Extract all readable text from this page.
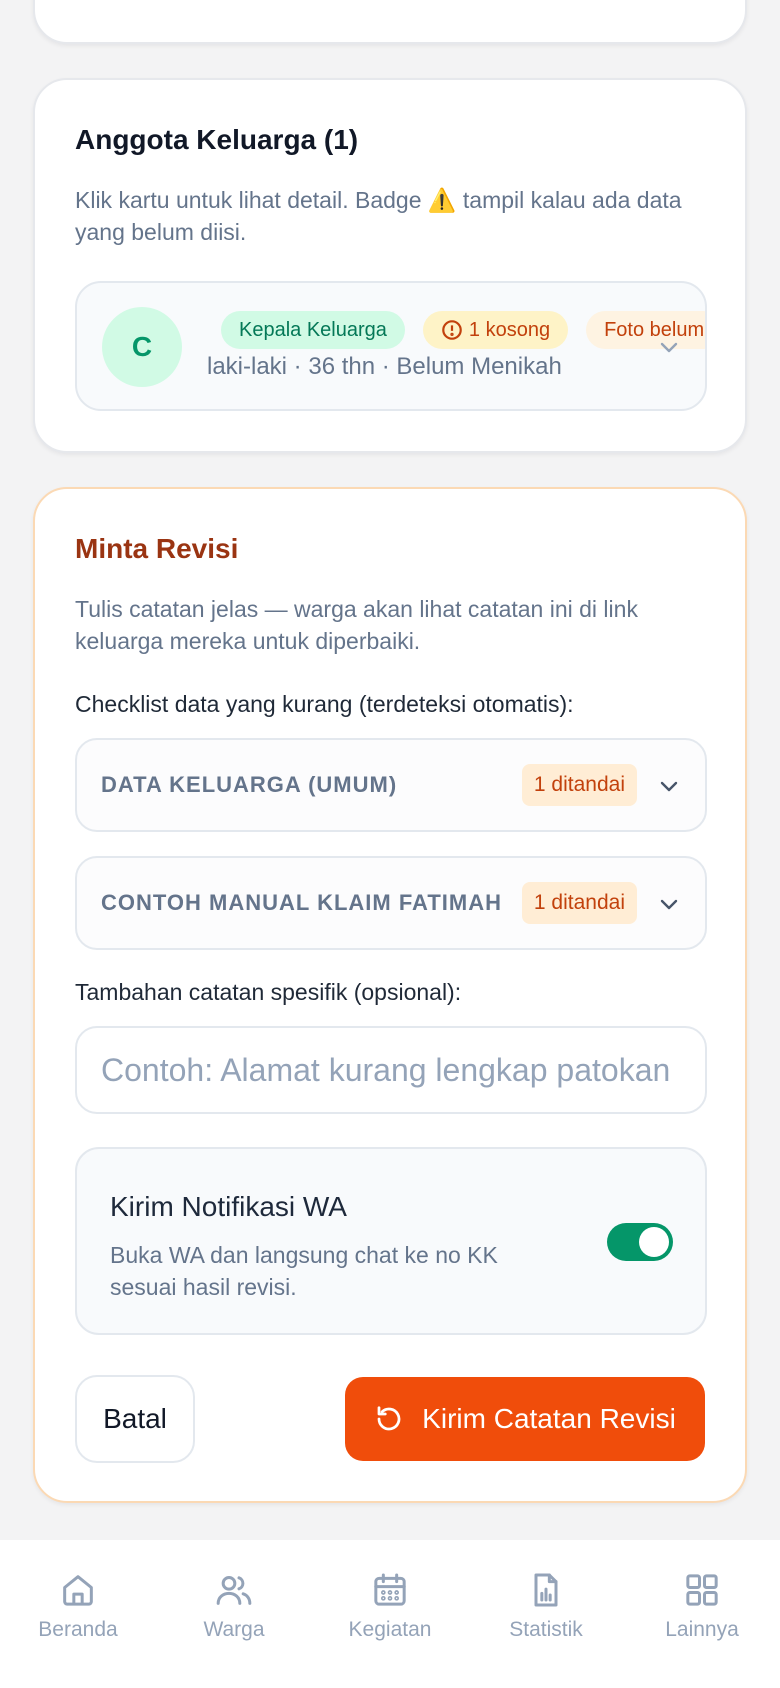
Anggota Keluarga (1)
Klik kartu untuk lihat detail. Badge ⚠️ tampil kalau ada data yang belum diisi.
C
Kepala Keluarga	1 kosong	Foto belum
laki-laki · 36 thn · Belum Menikah
Minta Revisi
Tulis catatan jelas — warga akan lihat catatan ini di link keluarga mereka untuk diperbaiki.
Checklist data yang kurang (terdeteksi otomatis):
DATA KELUARGA (UMUM)	1 ditandai
CONTOH MANUAL KLAIM FATIMAH	1 ditandai
Tambahan catatan spesifik (opsional):
Contoh: Alamat kurang lengkap patokan
Kirim Notifikasi WA
Buka WA dan langsung chat ke no KK sesuai hasil revisi.
Batal	Kirim Catatan Revisi
Beranda	Warga	Kegiatan	Statistik	Lainnya
